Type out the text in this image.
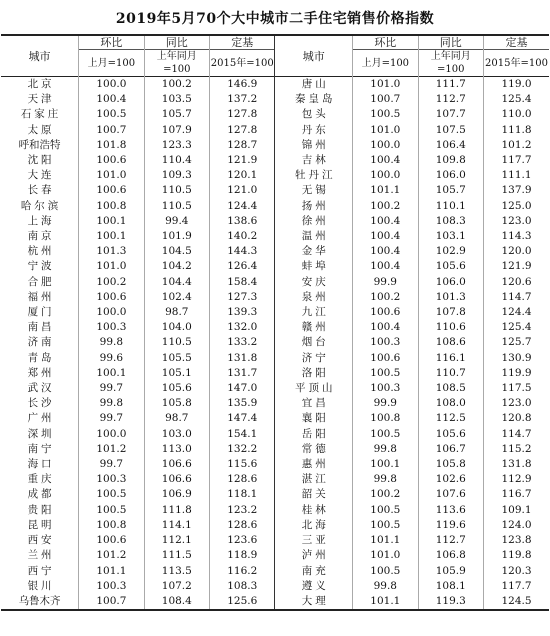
2019年5月70个大中城市二手住宅销售价格指数
城市	环比	同比	定基	城市	环比	同比	定基
	上月=100	上年同月=100	2015年=100		上月=100	上年同月=100	2015年=100
北京	100.0	100.2	146.9	唐山	101.0	111.7	119.0
天津	100.4	103.5	137.2	秦皇岛	100.7	112.7	125.4
石家庄	100.5	105.7	127.8	包头	100.5	107.7	110.0
太原	100.7	107.9	127.8	丹东	101.0	107.5	111.8
呼和浩特	101.8	123.3	128.7	锦州	100.0	106.4	101.2
沈阳	100.6	110.4	121.9	吉林	100.4	109.8	117.7
大连	101.0	109.3	120.1	牡丹江	100.0	106.0	111.1
长春	100.6	110.5	121.0	无锡	101.1	105.7	137.9
哈尔滨	100.8	110.5	124.4	扬州	100.2	110.1	125.0
上海	100.1	99.4	138.6	徐州	100.4	108.3	123.0
南京	100.1	101.9	140.2	温州	100.4	103.1	114.3
杭州	101.3	104.5	144.3	金华	100.4	102.9	120.0
宁波	101.0	104.2	126.4	蚌埠	100.4	105.6	121.9
合肥	100.2	104.4	158.4	安庆	99.9	106.0	120.6
福州	100.6	102.4	127.3	泉州	100.2	101.3	114.7
厦门	100.0	98.7	139.3	九江	100.6	107.8	124.4
南昌	100.3	104.0	132.0	赣州	100.4	110.6	125.4
济南	99.8	110.5	133.2	烟台	100.3	108.6	125.7
青岛	99.6	105.5	131.8	济宁	100.6	116.1	130.9
郑州	100.1	105.1	131.7	洛阳	100.5	110.7	119.9
武汉	99.7	105.6	147.0	平顶山	100.3	108.5	117.5
长沙	99.8	105.8	135.9	宜昌	99.9	108.0	123.0
广州	99.7	98.7	147.4	襄阳	100.8	112.5	120.8
深圳	100.0	103.0	154.1	岳阳	100.5	105.6	114.7
南宁	101.2	113.0	132.2	常德	99.8	106.7	115.2
海口	99.7	106.6	115.6	惠州	100.1	105.8	131.8
重庆	100.3	106.6	128.6	湛江	99.8	102.6	112.9
成都	100.5	106.9	118.1	韶关	100.2	107.6	116.7
贵阳	100.5	111.8	123.2	桂林	100.5	113.6	109.1
昆明	100.8	114.1	128.6	北海	100.5	119.6	124.0
西安	100.6	112.1	123.6	三亚	101.1	112.7	123.8
兰州	101.2	111.5	118.9	泸州	101.0	106.8	119.8
西宁	101.1	113.5	116.2	南充	100.5	105.9	120.3
银川	100.3	107.2	108.3	遵义	99.8	108.1	117.7
乌鲁木齐	100.7	108.4	125.6	大理	101.1	119.3	124.5
